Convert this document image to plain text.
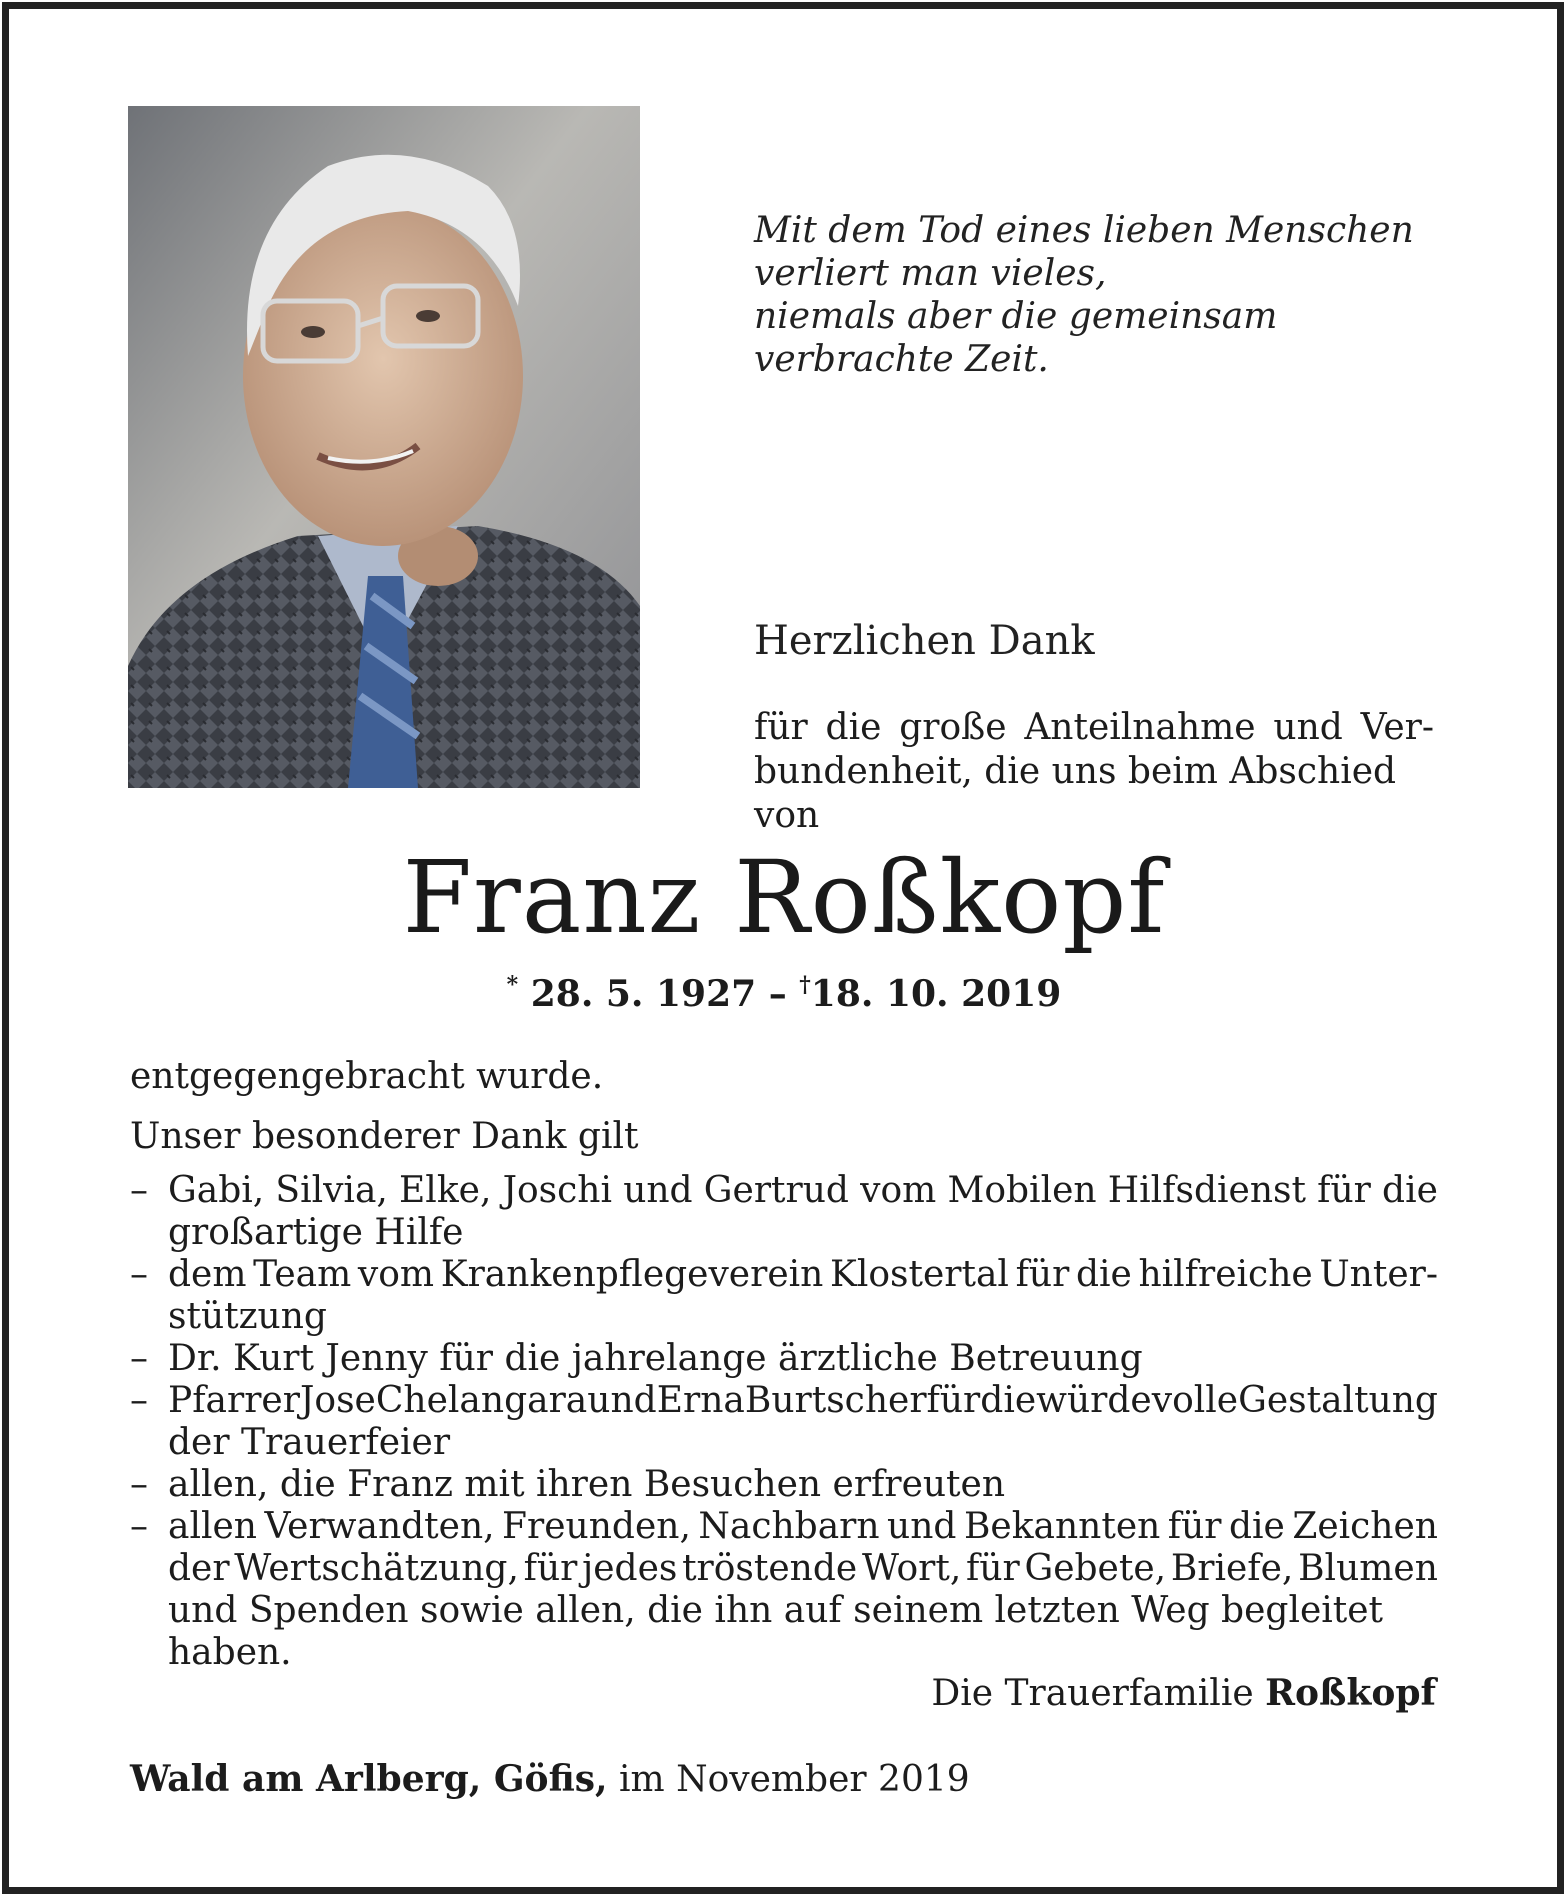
Mit dem Tod eines lieben Menschen
verliert man vieles,
niemals aber die gemeinsam
verbrachte Zeit.
Herzlichen Dank
für die große Anteilnahme und Ver-
bundenheit, die uns beim Abschied von
Franz Roßkopf
* 28. 5. 1927 – †18. 10. 2019
entgegengebracht wurde.
Unser besonderer Dank gilt
– Gabi, Silvia, Elke, Joschi und Gertrud vom Mobilen Hilfsdienst für die
großartige Hilfe
– dem Team vom Krankenpflegeverein Klostertal für die hilfreiche Unter-
stützung
– Dr. Kurt Jenny für die jahrelange ärztliche Betreuung
– Pfarrer Jose Chelangara und Erna Burtscher für die würdevolle Gestaltung
der Trauerfeier
– allen, die Franz mit ihren Besuchen erfreuten
– allen Verwandten, Freunden, Nachbarn und Bekannten für die Zeichen
der Wertschätzung, für jedes tröstende Wort, für Gebete, Briefe, Blumen
und Spenden sowie allen, die ihn auf seinem letzten Weg begleitet haben.
Die Trauerfamilie Roßkopf
Wald am Arlberg, Göfis, im November 2019
